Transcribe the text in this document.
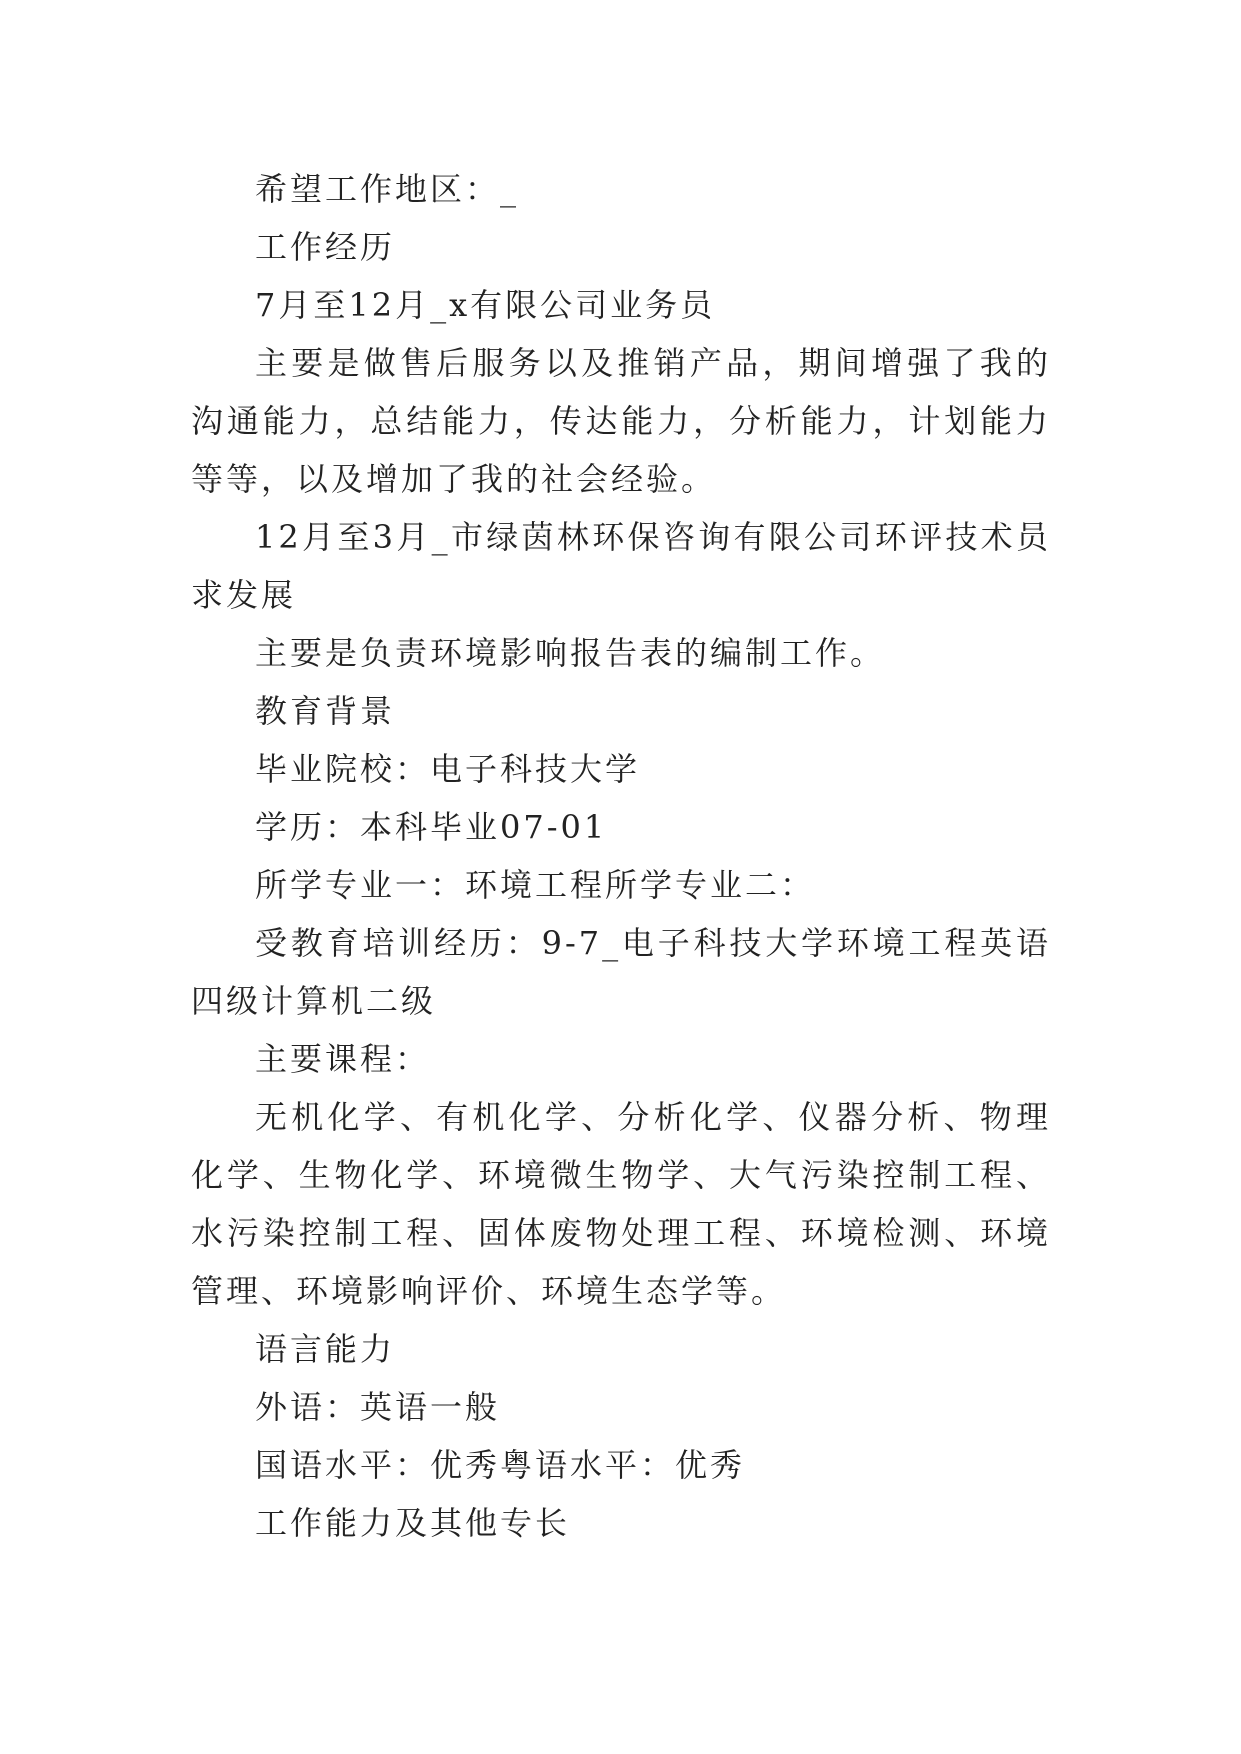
希望工作地区：_

工作经历

7月至12月_x有限公司业务员

主要是做售后服务以及推销产品，期间增强了我的沟通能力，总结能力，传达能力，分析能力，计划能力等等，以及增加了我的社会经验。

12月至3月_市绿茵林环保咨询有限公司环评技术员求发展

主要是负责环境影响报告表的编制工作。

教育背景

毕业院校：电子科技大学

学历：本科毕业07-01

所学专业一：环境工程所学专业二：

受教育培训经历：9-7_电子科技大学环境工程英语四级计算机二级

主要课程：

无机化学、有机化学、分析化学、仪器分析、物理化学、生物化学、环境微生物学、大气污染控制工程、水污染控制工程、固体废物处理工程、环境检测、环境管理、环境影响评价、环境生态学等。

语言能力

外语：英语一般

国语水平：优秀粤语水平：优秀

工作能力及其他专长
